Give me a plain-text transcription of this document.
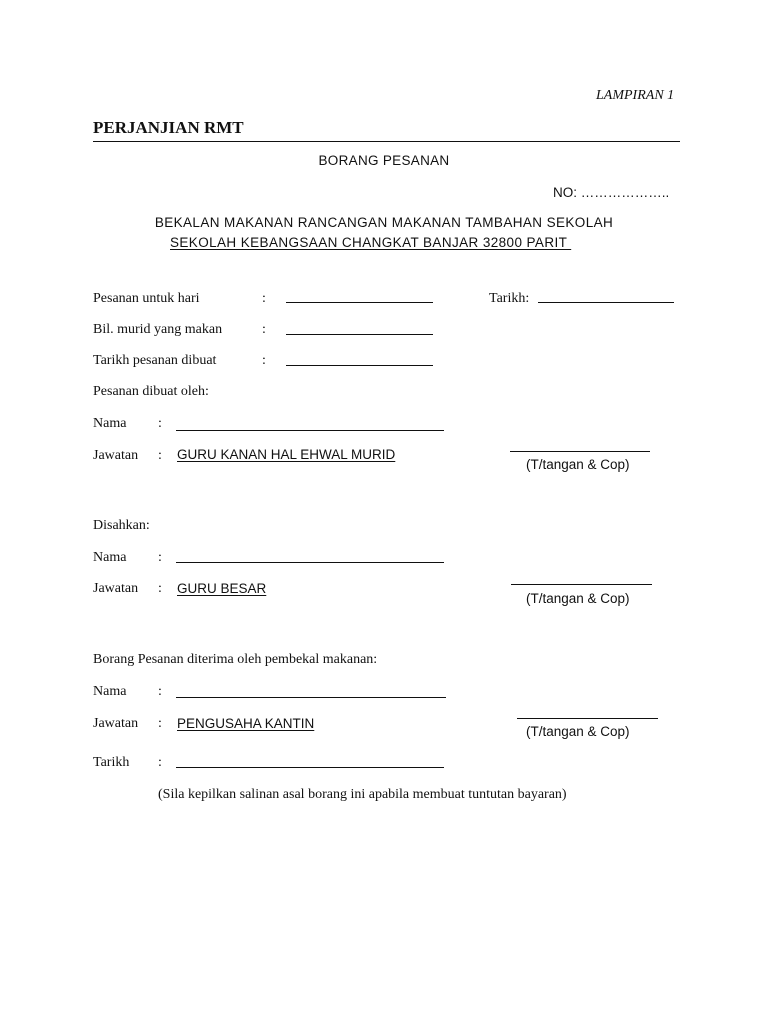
LAMPIRAN 1
PERJANJIAN RMT
BORANG PESANAN
NO: ………………..
BEKALAN MAKANAN RANCANGAN MAKANAN TAMBAHAN SEKOLAH
SEKOLAH KEBANGSAAN CHANGKAT BANJAR 32800 PARIT
Pesanan untuk hari	:	Tarikh:
Bil. murid yang makan	:
Tarikh pesanan dibuat	:
Pesanan dibuat oleh:
Nama :
Jawatan : GURU KANAN HAL EHWAL MURID
(T/tangan & Cop)
Disahkan:
Nama :
Jawatan : GURU BESAR
(T/tangan & Cop)
Borang Pesanan diterima oleh pembekal makanan:
Nama :
Jawatan : PENGUSAHA KANTIN
(T/tangan & Cop)
Tarikh :
(Sila kepilkan salinan asal borang ini apabila membuat tuntutan bayaran)
